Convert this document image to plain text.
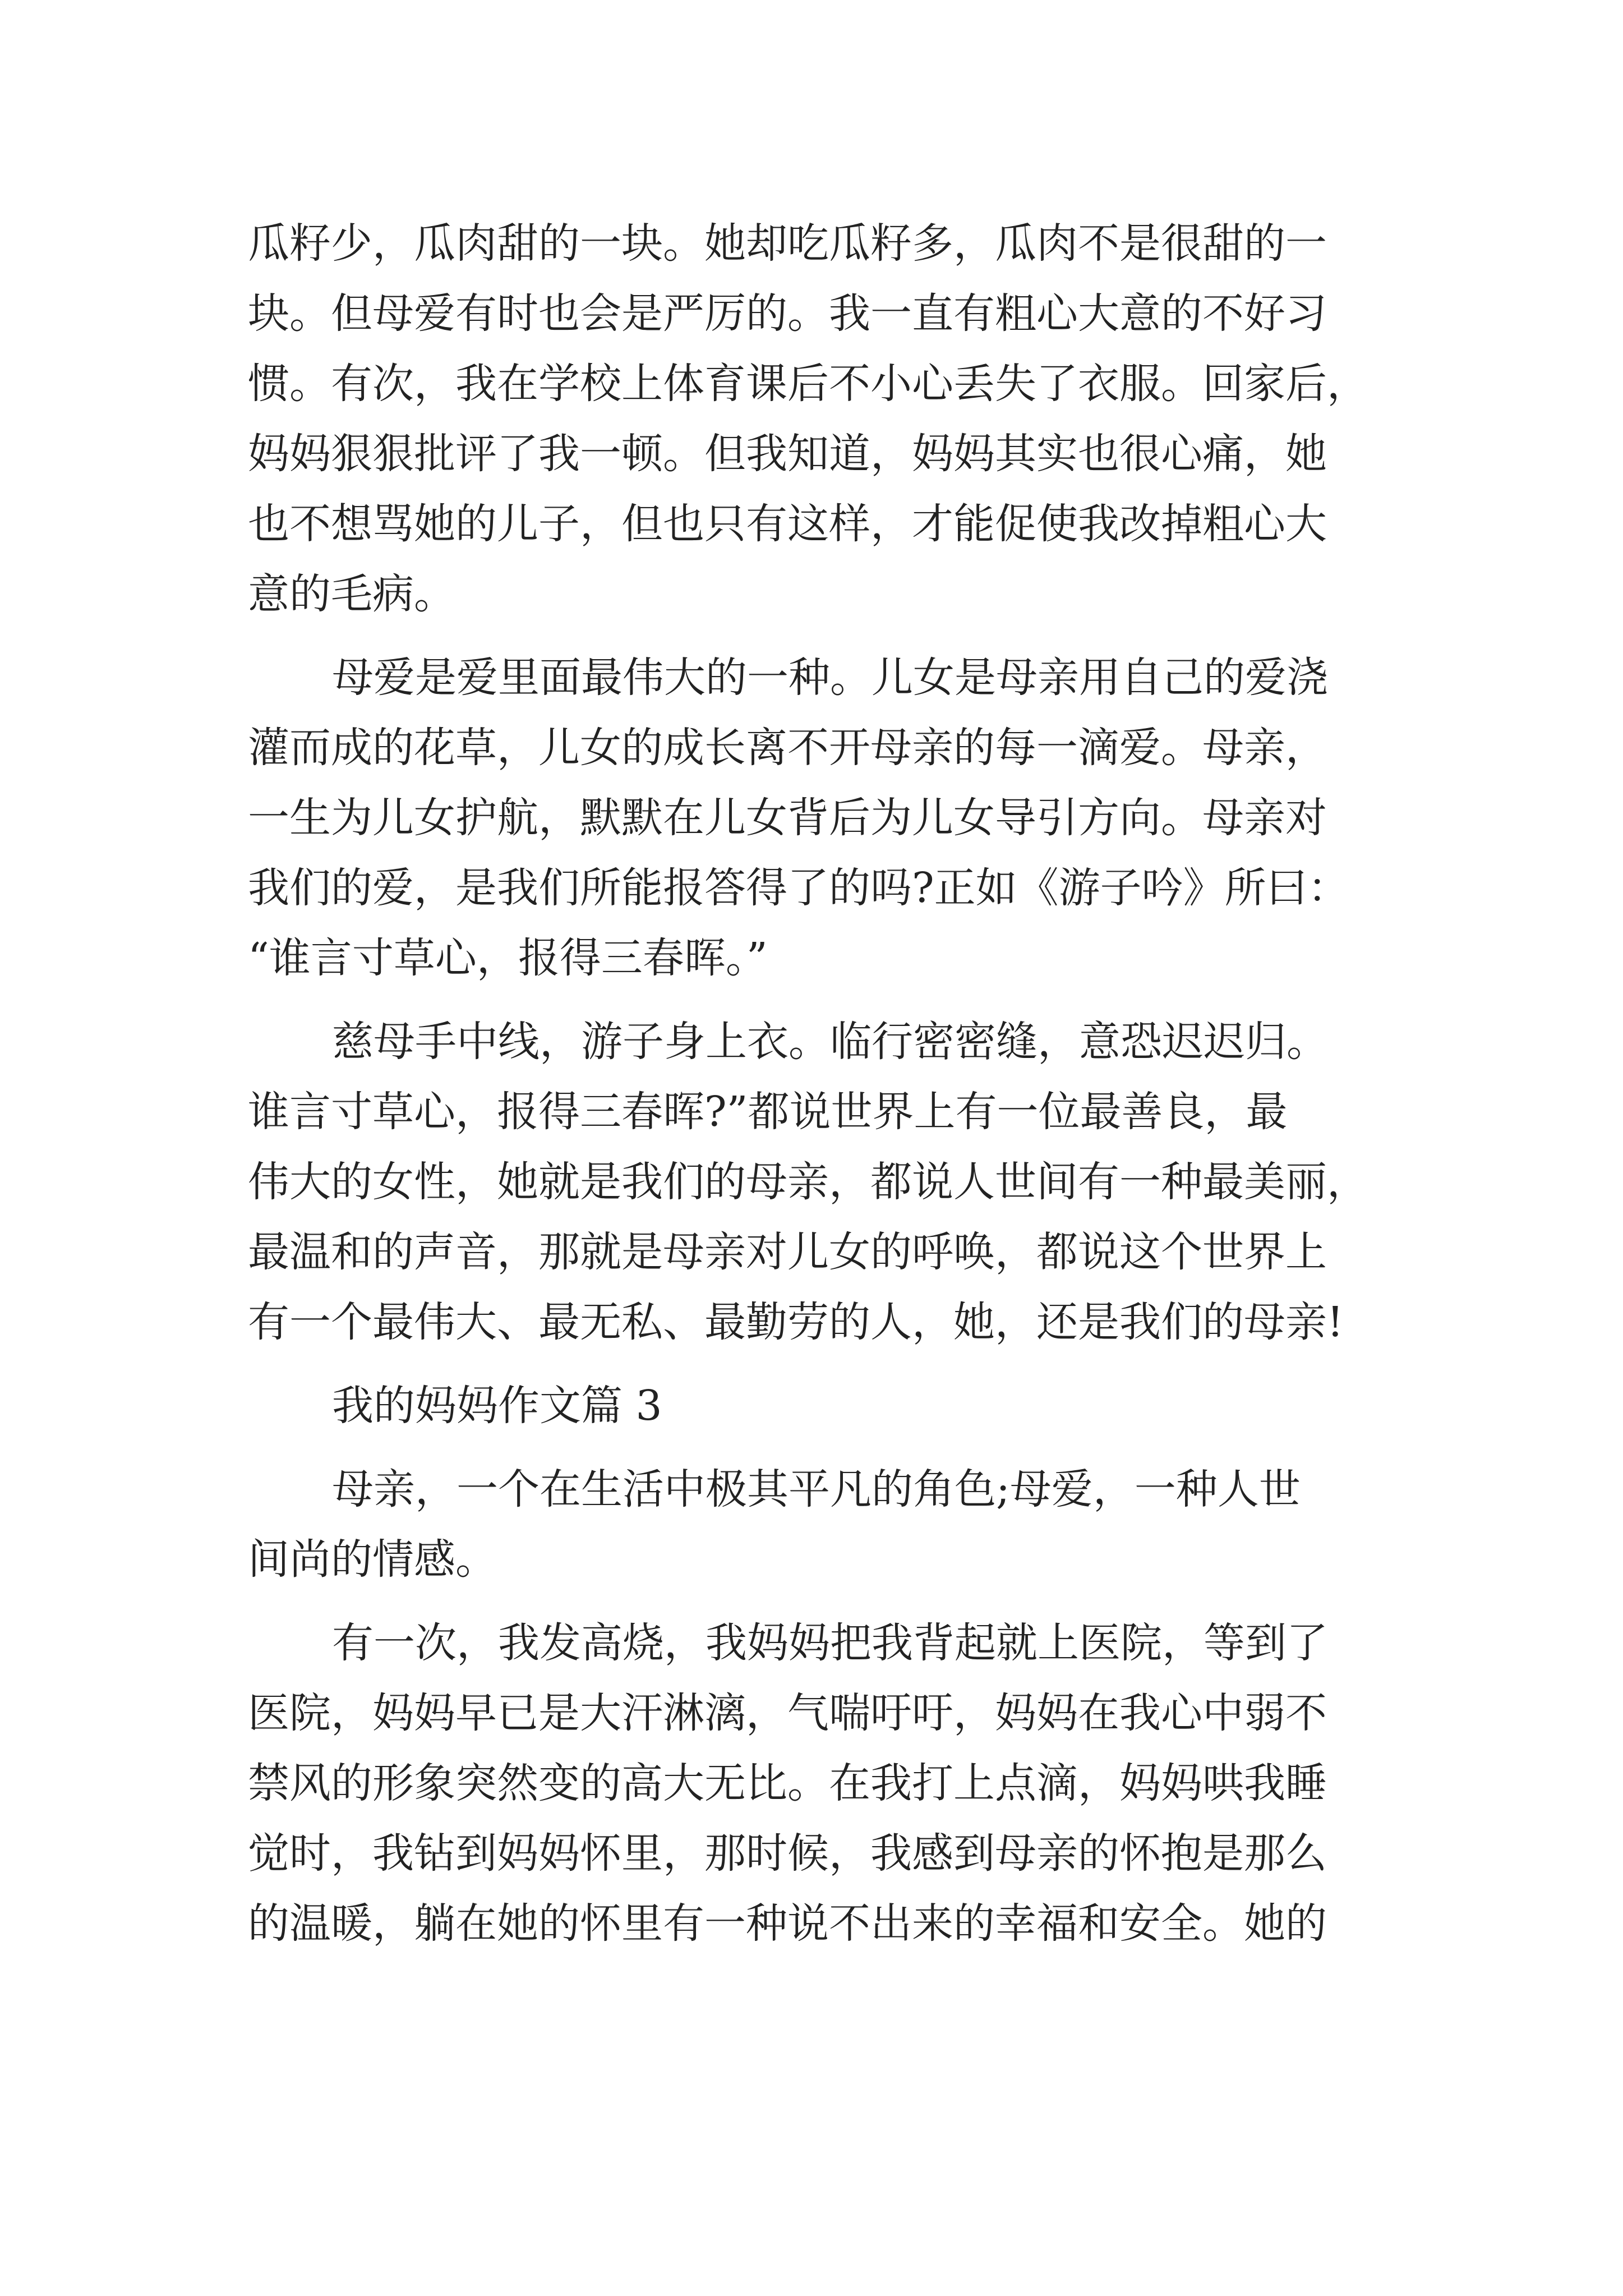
瓜籽少，瓜肉甜的一块。她却吃瓜籽多，瓜肉不是很甜的一
块。但母爱有时也会是严厉的。我一直有粗心大意的不好习
惯。有次，我在学校上体育课后不小心丢失了衣服。回家后，
妈妈狠狠批评了我一顿。但我知道，妈妈其实也很心痛，她
也不想骂她的儿子，但也只有这样，才能促使我改掉粗心大
意的毛病。
母爱是爱里面最伟大的一种。儿女是母亲用自己的爱浇
灌而成的花草，儿女的成长离不开母亲的每一滴爱。母亲，
一生为儿女护航，默默在儿女背后为儿女导引方向。母亲对
我们的爱，是我们所能报答得了的吗?正如《游子吟》所曰：
“谁言寸草心，报得三春晖。”
慈母手中线，游子身上衣。临行密密缝，意恐迟迟归。
谁言寸草心，报得三春晖?”都说世界上有一位最善良，最
伟大的女性，她就是我们的母亲，都说人世间有一种最美丽，
最温和的声音，那就是母亲对儿女的呼唤，都说这个世界上
有一个最伟大、最无私、最勤劳的人，她，还是我们的母亲!
我的妈妈作文篇 3
母亲，一个在生活中极其平凡的角色;母爱，一种人世
间尚的情感。
有一次，我发高烧，我妈妈把我背起就上医院，等到了
医院，妈妈早已是大汗淋漓，气喘吁吁，妈妈在我心中弱不
禁风的形象突然变的高大无比。在我打上点滴，妈妈哄我睡
觉时，我钻到妈妈怀里，那时候，我感到母亲的怀抱是那么
的温暖，躺在她的怀里有一种说不出来的幸福和安全。她的
